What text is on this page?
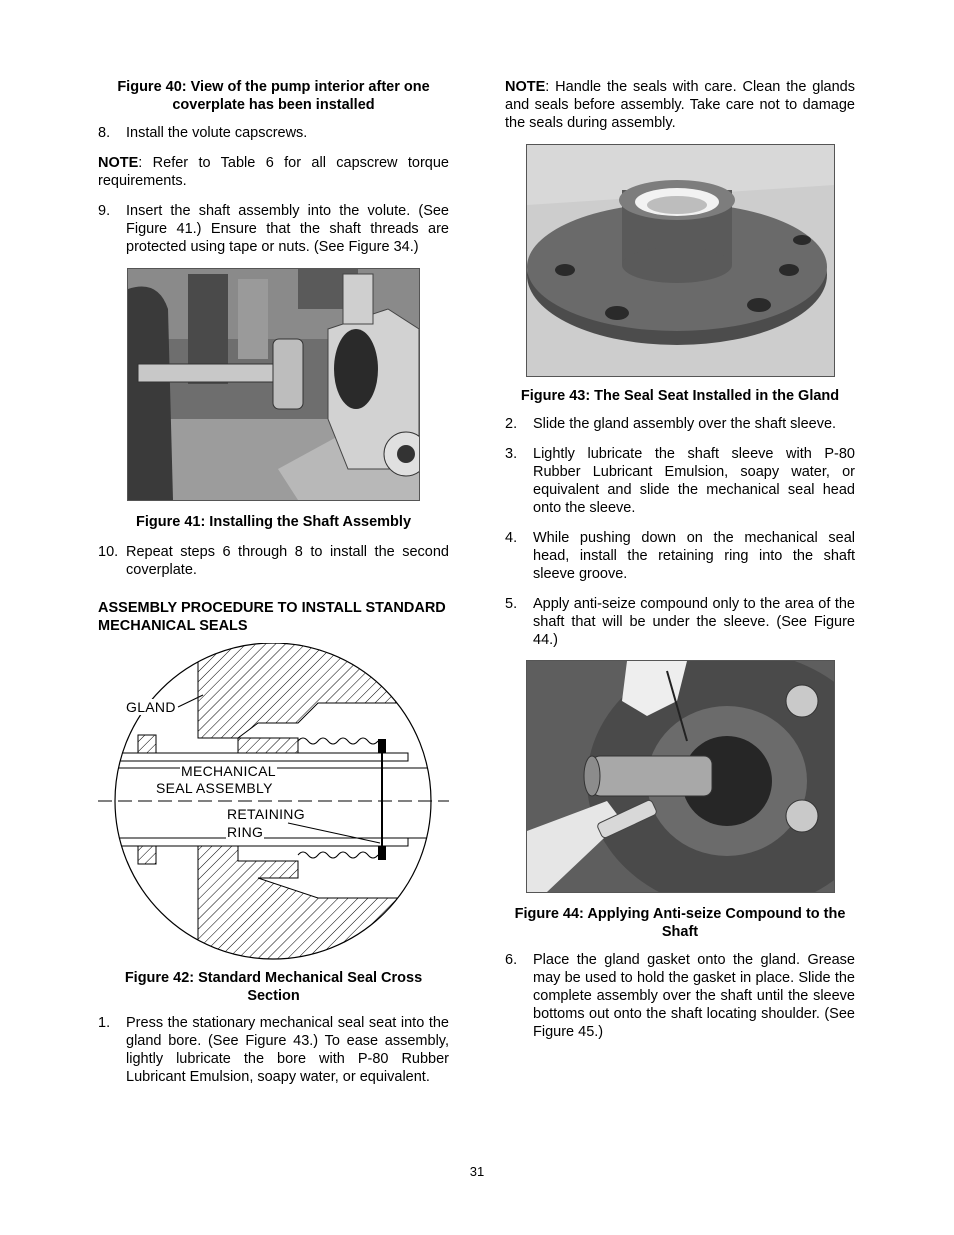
Figure 40: View of the pump interior after one coverplate has been installed

8.	Install the volute capscrews.

NOTE: Refer to Table 6 for all capscrew torque requirements.

9.	Insert the shaft assembly into the volute. (See Figure 41.) Ensure that the shaft threads are protected using tape or nuts. (See Figure 34.)

Figure 41: Installing the Shaft Assembly

10. Repeat steps 6 through 8 to install the second coverplate.

ASSEMBLY PROCEDURE TO INSTALL STANDARD MECHANICAL SEALS

GLAND
MECHANICAL
SEAL ASSEMBLY
RETAINING
RING

Figure 42: Standard Mechanical Seal Cross Section

1.	Press the stationary mechanical seal seat into the gland bore. (See Figure 43.) To ease assembly, lightly lubricate the bore with P-80 Rubber Lubricant Emulsion, soapy water, or equivalent.

NOTE: Handle the seals with care. Clean the glands and seals before assembly. Take care not to damage the seals during assembly.

Figure 43: The Seal Seat Installed in the Gland

2.	Slide the gland assembly over the shaft sleeve.
3.	Lightly lubricate the shaft sleeve with P-80 Rubber Lubricant Emulsion, soapy water, or equivalent and slide the mechanical seal head onto the sleeve.
4.	While pushing down on the mechanical seal head, install the retaining ring into the shaft sleeve groove.
5.	Apply anti-seize compound only to the area of the shaft that will be under the sleeve. (See Figure 44.)

Figure 44: Applying Anti-seize Compound to the Shaft

6.	Place the gland gasket onto the gland. Grease may be used to hold the gasket in place. Slide the complete assembly over the shaft until the sleeve bottoms out onto the shaft locating shoulder. (See Figure 45.)
31
